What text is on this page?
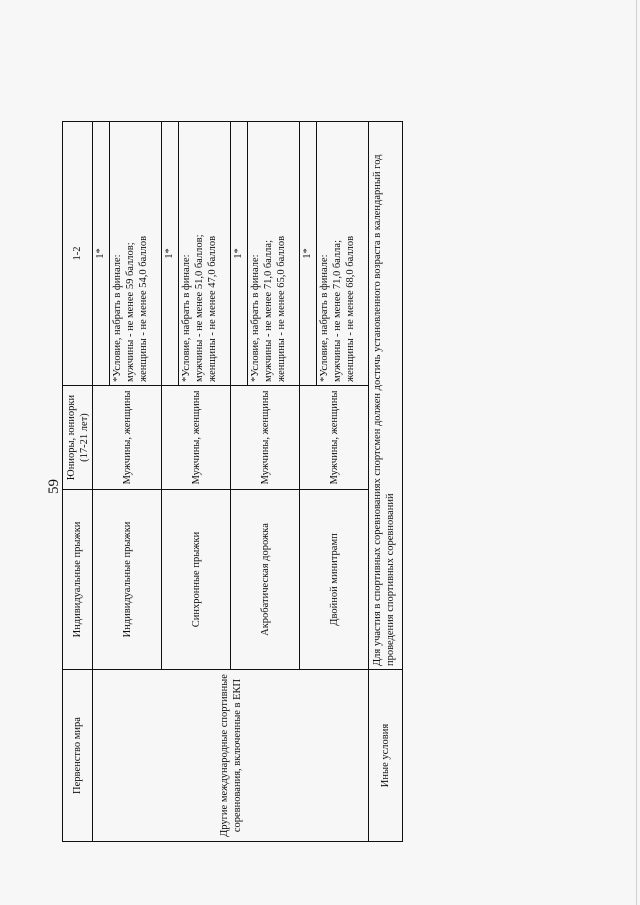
59
Первенство мира	Индивидуальные прыжки	Юниоры, юниорки (17-21 лет)	1-2
Другие международные спортивные соревнования, включенные в ЕКП	Индивидуальные прыжки	Мужчины, женщины	1*

			*Условие, набрать в финале: мужчины - не менее 59 баллов; женщины - не менее 54,0 баллов

	Синхронные прыжки	Мужчины, женщины	1*

			*Условие, набрать в финале: мужчины - не менее 51,0 баллов; женщины - не менее 47,0 баллов

	Акробатическая дорожка	Мужчины, женщины	1*

			*Условие, набрать в финале: мужчины - не менее 71,0 балла; женщины - не менее 65,0 баллов

	Двойной минитрамп	Мужчины, женщины	1*

			*Условие, набрать в финале: мужчины - не менее 71,0 балла; женщины - не менее 68,0 баллов

Иные условия	Для участия в спортивных соревнованиях спортсмен должен достичь установленного возраста в календарный год проведения спортивных соревнований		
